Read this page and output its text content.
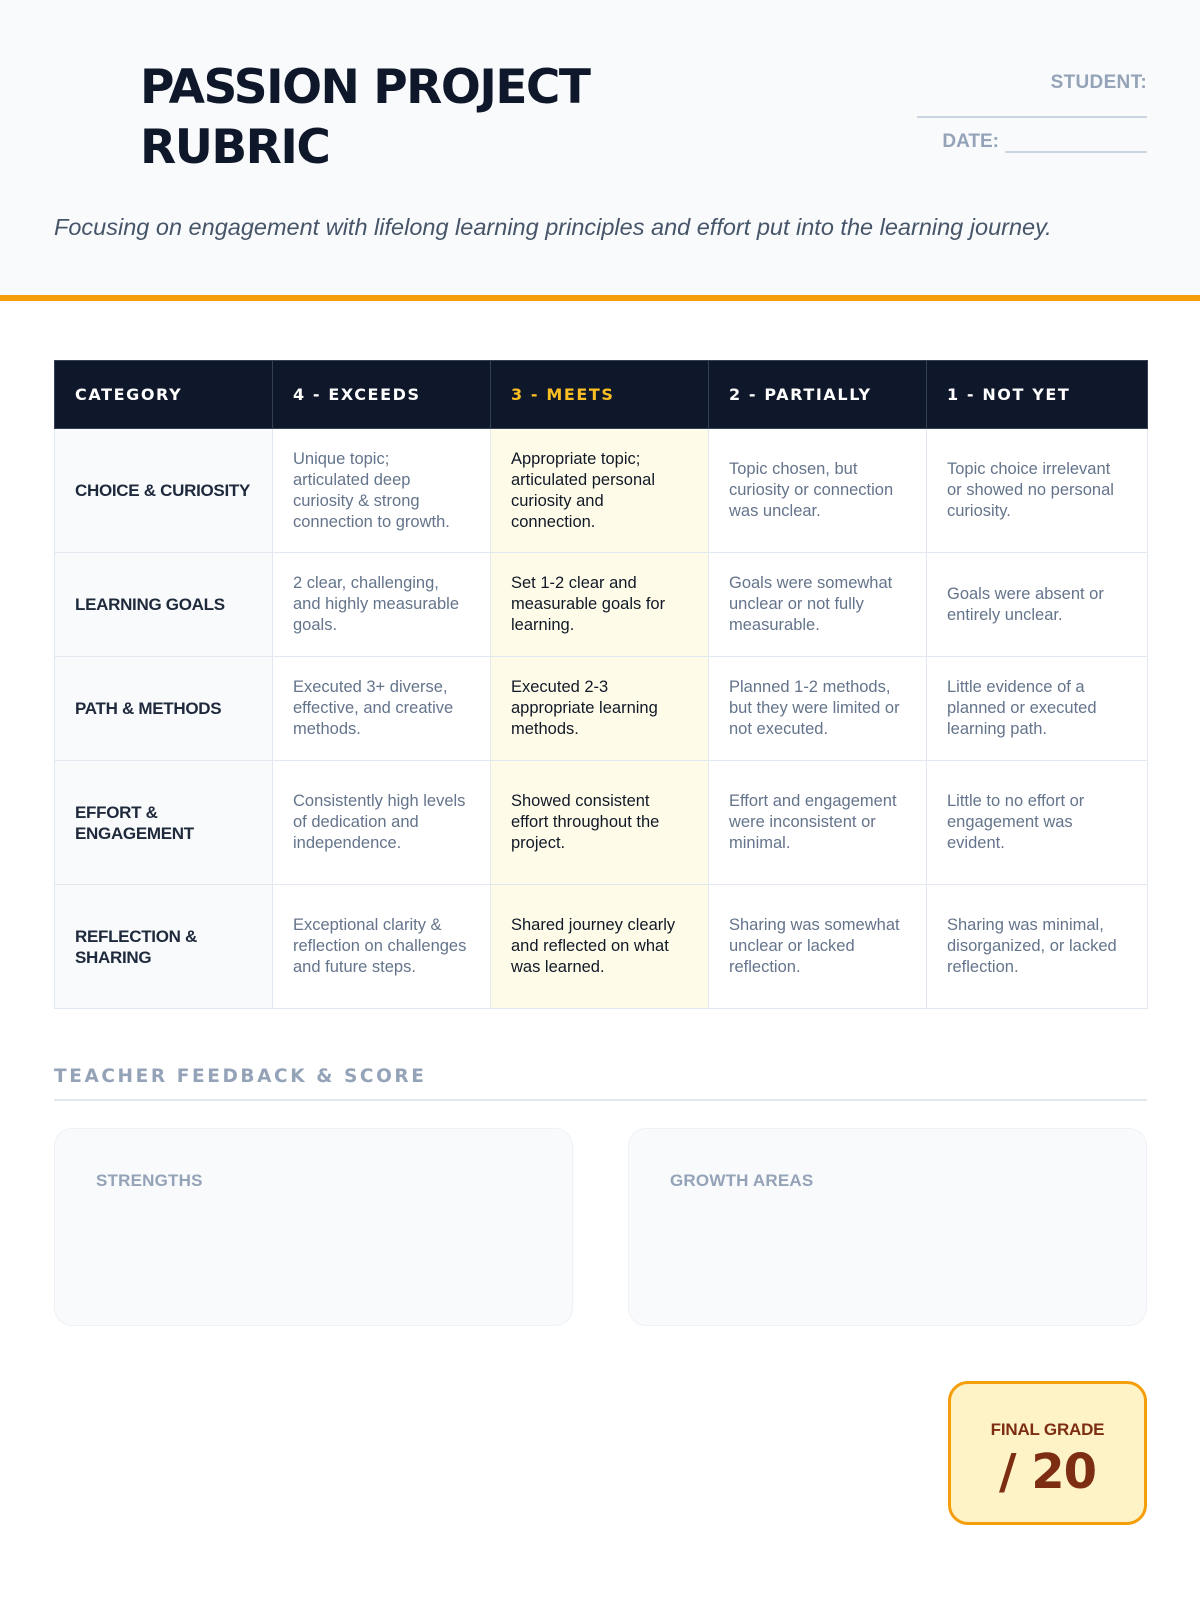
PASSION PROJECT RUBRIC
STUDENT:
DATE:
Focusing on engagement with lifelong learning principles and effort put into the learning journey.
CATEGORY	4 - EXCEEDS	3 - MEETS	2 - PARTIALLY	1 - NOT YET
CHOICE & CURIOSITY	Unique topic; articulated deep curiosity & strong connection to growth.	Appropriate topic; articulated personal curiosity and connection.	Topic chosen, but curiosity or connection was unclear.	Topic choice irrelevant or showed no personal curiosity.
LEARNING GOALS	2 clear, challenging, and highly measurable goals.	Set 1-2 clear and measurable goals for learning.	Goals were somewhat unclear or not fully measurable.	Goals were absent or entirely unclear.
PATH & METHODS	Executed 3+ diverse, effective, and creative methods.	Executed 2-3 appropriate learning methods.	Planned 1-2 methods, but they were limited or not executed.	Little evidence of a planned or executed learning path.
EFFORT & ENGAGEMENT	Consistently high levels of dedication and independence.	Showed consistent effort throughout the project.	Effort and engagement were inconsistent or minimal.	Little to no effort or engagement was evident.
REFLECTION & SHARING	Exceptional clarity & reflection on challenges and future steps.	Shared journey clearly and reflected on what was learned.	Sharing was somewhat unclear or lacked reflection.	Sharing was minimal, disorganized, or lacked reflection.
TEACHER FEEDBACK & SCORE
STRENGTHS	GROWTH AREAS
FINAL GRADE
/ 20
